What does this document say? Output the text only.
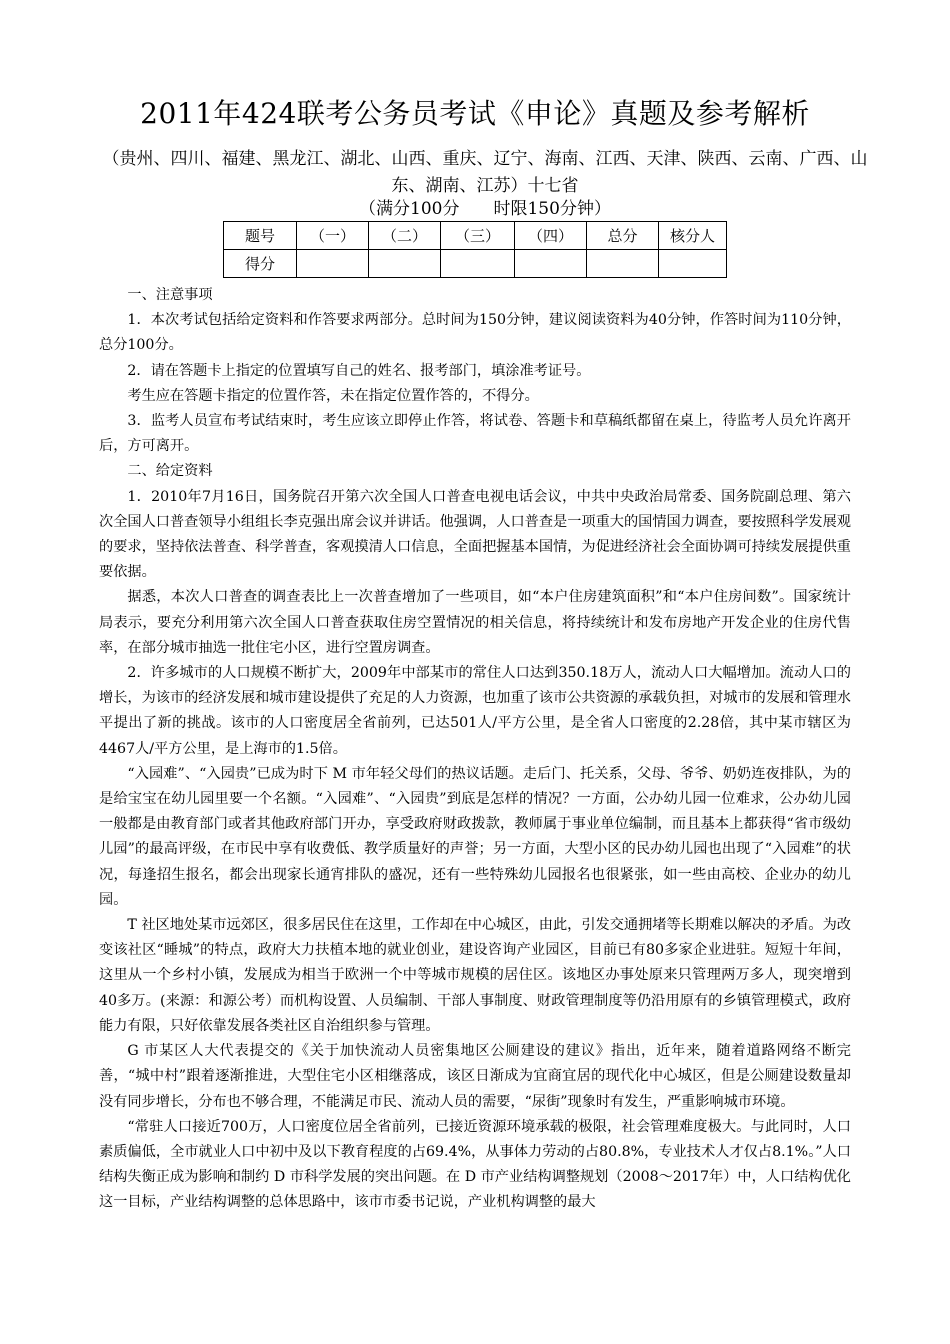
2011年424联考公务员考试《申论》真题及参考解析

（贵州、四川、福建、黑龙江、湖北、山西、重庆、辽宁、海南、江西、天津、陕西、云南、广西、山东、湖南、江苏）十七省

（满分100分　　时限150分钟）

题号	（一）	（二）	（三）	（四）	总分	核分人
得分						

一、注意事项

1．本次考试包括给定资料和作答要求两部分。总时间为150分钟，建议阅读资料为40分钟，作答时间为110分钟，总分100分。

2．请在答题卡上指定的位置填写自己的姓名、报考部门，填涂准考证号。

考生应在答题卡指定的位置作答，未在指定位置作答的，不得分。

3．监考人员宣布考试结束时，考生应该立即停止作答，将试卷、答题卡和草稿纸都留在桌上，待监考人员允许离开后，方可离开。

二、给定资料

1．2010年7月16日，国务院召开第六次全国人口普查电视电话会议，中共中央政治局常委、国务院副总理、第六次全国人口普查领导小组组长李克强出席会议并讲话。他强调，人口普查是一项重大的国情国力调查，要按照科学发展观的要求，坚持依法普查、科学普查，客观摸清人口信息，全面把握基本国情，为促进经济社会全面协调可持续发展提供重要依据。

据悉，本次人口普查的调查表比上一次普查增加了一些项目，如“本户住房建筑面积”和“本户住房间数”。国家统计局表示，要充分利用第六次全国人口普查获取住房空置情况的相关信息，将持续统计和发布房地产开发企业的住房代售率，在部分城市抽选一批住宅小区，进行空置房调查。

2．许多城市的人口规模不断扩大，2009年中部某市的常住人口达到350.18万人，流动人口大幅增加。流动人口的增长，为该市的经济发展和城市建设提供了充足的人力资源，也加重了该市公共资源的承载负担，对城市的发展和管理水平提出了新的挑战。该市的人口密度居全省前列，已达501人/平方公里，是全省人口密度的2.28倍，其中某市辖区为4467人/平方公里，是上海市的1.5倍。

“入园难”、“入园贵”已成为时下 M 市年轻父母们的热议话题。走后门、托关系，父母、爷爷、奶奶连夜排队，为的是给宝宝在幼儿园里要一个名额。“入园难”、“入园贵”到底是怎样的情况？一方面，公办幼儿园一位难求，公办幼儿园一般都是由教育部门或者其他政府部门开办，享受政府财政拨款，教师属于事业单位编制，而且基本上都获得“省市级幼儿园”的最高评级，在市民中享有收费低、教学质量好的声誉；另一方面，大型小区的民办幼儿园也出现了“入园难”的状况，每逢招生报名，都会出现家长通宵排队的盛况，还有一些特殊幼儿园报名也很紧张，如一些由高校、企业办的幼儿园。

T 社区地处某市远郊区，很多居民住在这里，工作却在中心城区，由此，引发交通拥堵等长期难以解决的矛盾。为改变该社区“睡城”的特点，政府大力扶植本地的就业创业，建设咨询产业园区，目前已有80多家企业进驻。短短十年间，这里从一个乡村小镇，发展成为相当于欧洲一个中等城市规模的居住区。该地区办事处原来只管理两万多人，现突增到40多万。(来源：和源公考）而机构设置、人员编制、干部人事制度、财政管理制度等仍沿用原有的乡镇管理模式，政府能力有限，只好依靠发展各类社区自治组织参与管理。

G 市某区人大代表提交的《关于加快流动人员密集地区公厕建设的建议》指出，近年来，随着道路网络不断完善，“城中村”跟着逐渐推进，大型住宅小区相继落成，该区日渐成为宜商宜居的现代化中心城区，但是公厕建设数量却没有同步增长，分布也不够合理，不能满足市民、流动人员的需要，“尿街”现象时有发生，严重影响城市环境。

“常驻人口接近700万，人口密度位居全省前列，已接近资源环境承载的极限，社会管理难度极大。与此同时，人口素质偏低，全市就业人口中初中及以下教育程度的占69.4%，从事体力劳动的占80.8%，专业技术人才仅占8.1%。”人口结构失衡正成为影响和制约 D 市科学发展的突出问题。在 D 市产业结构调整规划（2008～2017年）中，人口结构优化这一目标，产业结构调整的总体思路中，该市市委书记说，产业机构调整的最大
